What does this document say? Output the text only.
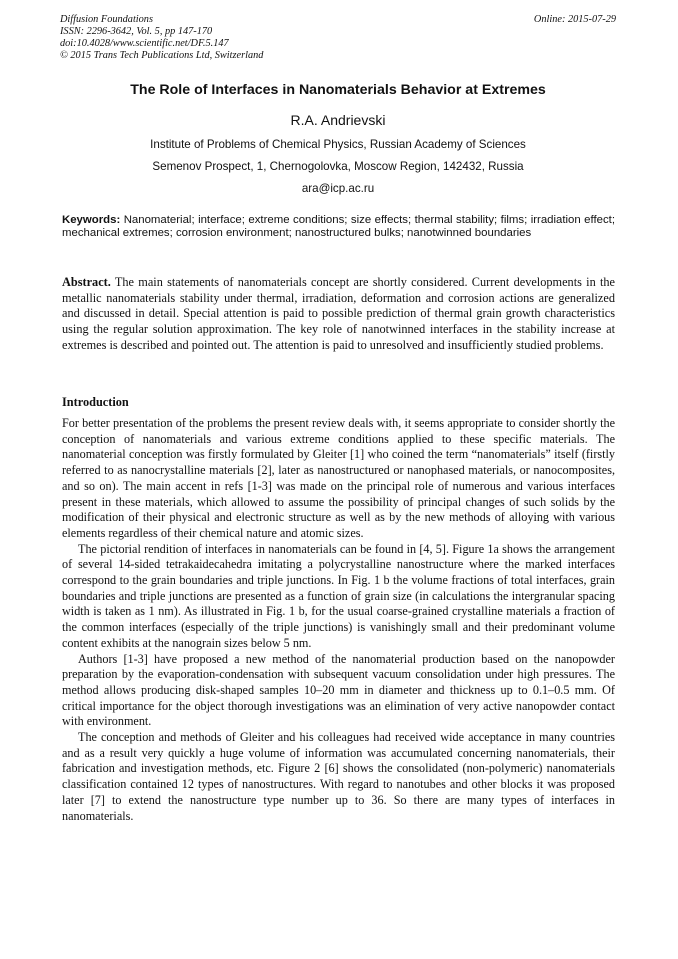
Diffusion Foundations
ISSN: 2296-3642, Vol. 5, pp 147-170
doi:10.4028/www.scientific.net/DF.5.147
© 2015 Trans Tech Publications Ltd, Switzerland
Online: 2015-07-29
The Role of Interfaces in Nanomaterials Behavior at Extremes
R.A. Andrievski
Institute of Problems of Chemical Physics, Russian Academy of Sciences
Semenov Prospect, 1, Chernogolovka, Moscow Region, 142432, Russia
ara@icp.ac.ru
Keywords: Nanomaterial; interface; extreme conditions; size effects; thermal stability; films; irradiation effect; mechanical extremes; corrosion environment; nanostructured bulks; nanotwinned boundaries
Abstract. The main statements of nanomaterials concept are shortly considered. Current developments in the metallic nanomaterials stability under thermal, irradiation, deformation and corrosion actions are generalized and discussed in detail. Special attention is paid to possible prediction of thermal grain growth characteristics using the regular solution approximation. The key role of nanotwinned interfaces in the stability increase at extremes is described and pointed out. The attention is paid to unresolved and insufficiently studied problems.
Introduction

For better presentation of the problems the present review deals with, it seems appropriate to consider shortly the conception of nanomaterials and various extreme conditions applied to these specific materials. The nanomaterial conception was firstly formulated by Gleiter [1] who coined the term “nanomaterials” itself (firstly referred to as nanocrystalline materials [2], later as nanostructured or nanophased materials, or nanocomposites, and so on). The main accent in refs [1-3] was made on the principal role of numerous and various interfaces present in these materials, which allowed to assume the possibility of principal changes of such solids by the modification of their physical and electronic structure as well as by the new methods of alloying with various elements regardless of their chemical nature and atomic sizes.

The pictorial rendition of interfaces in nanomaterials can be found in [4, 5]. Figure 1a shows the arrangement of several 14-sided tetrakaidecahedra imitating a polycrystalline nanostructure where the marked interfaces correspond to the grain boundaries and triple junctions. In Fig. 1 b the volume fractions of total interfaces, grain boundaries and triple junctions are presented as a function of grain size (in calculations the intergranular spacing width is taken as 1 nm). As illustrated in Fig. 1 b, for the usual coarse-grained crystalline materials a fraction of the common interfaces (especially of the triple junctions) is vanishingly small and their predominant volume content exhibits at the nanograin sizes below 5 nm.

Authors [1-3] have proposed a new method of the nanomaterial production based on the nanopowder preparation by the evaporation-condensation with subsequent vacuum consolidation under high pressures. The method allows producing disk-shaped samples 10–20 mm in diameter and thickness up to 0.1–0.5 mm. Of critical importance for the object thorough investigations was an elimination of very active nanopowder contact with environment.

The conception and methods of Gleiter and his colleagues had received wide acceptance in many countries and as a result very quickly a huge volume of information was accumulated concerning nanomaterials, their fabrication and investigation methods, etc. Figure 2 [6] shows the consolidated (non-polymeric) nanomaterials classification contained 12 types of nanostructures. With regard to nanotubes and other blocks it was proposed later [7] to extend the nanostructure type number up to 36. So there are many types of interfaces in nanomaterials.
